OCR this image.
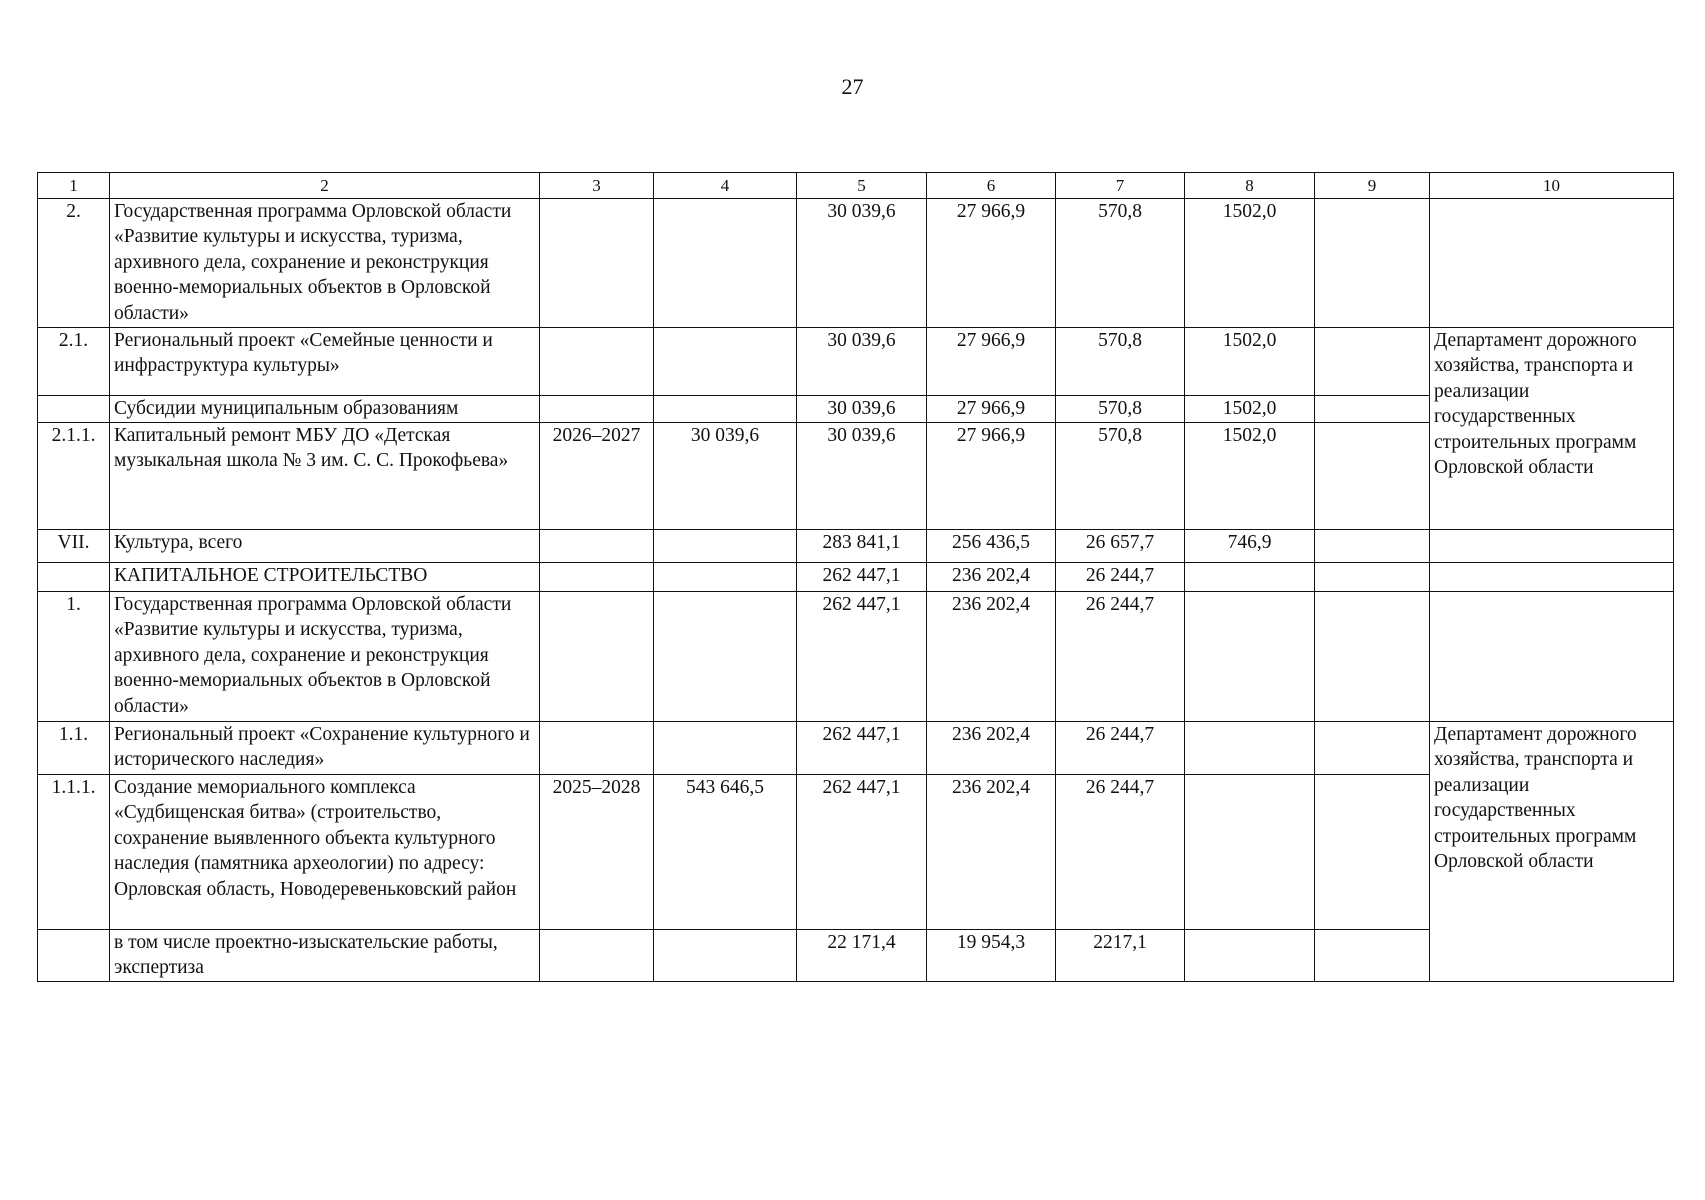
27
1	2	3	4	5	6	7	8	9	10
2.	Государственная программа Орловской области «Развитие культуры и искусства, туризма, архивного дела, сохранение и реконструкция военно-мемориальных объектов в Орловской области»			30 039,6	27 966,9	570,8	1502,0		
2.1.	Региональный проект «Семейные ценности и инфраструктура культуры»			30 039,6	27 966,9	570,8	1502,0		Департамент дорожного хозяйства, транспорта и реализации государственных строительных программ Орловской области
	Субсидии муниципальным образованиям			30 039,6	27 966,9	570,8	1502,0		
2.1.1.	Капитальный ремонт МБУ ДО «Детская музыкальная школа № 3 им. С. С. Прокофьева»	2026–2027	30 039,6	30 039,6	27 966,9	570,8	1502,0		
VII.	Культура, всего			283 841,1	256 436,5	26 657,7	746,9		
	КАПИТАЛЬНОЕ СТРОИТЕЛЬСТВО			262 447,1	236 202,4	26 244,7			
1.	Государственная программа Орловской области «Развитие культуры и искусства, туризма, архивного дела, сохранение и реконструкция военно-мемориальных объектов в Орловской области»			262 447,1	236 202,4	26 244,7			
1.1.	Региональный проект «Сохранение культурного и исторического наследия»			262 447,1	236 202,4	26 244,7			Департамент дорожного хозяйства, транспорта и реализации государственных строительных программ Орловской области
1.1.1.	Создание мемориального комплекса «Судбищенская битва» (строительство, сохранение выявленного объекта культурного наследия (памятника археологии) по адресу: Орловская область, Новодеревеньковский район	2025–2028	543 646,5	262 447,1	236 202,4	26 244,7			
	в том числе проектно-изыскательские работы, экспертиза			22 171,4	19 954,3	2217,1			
